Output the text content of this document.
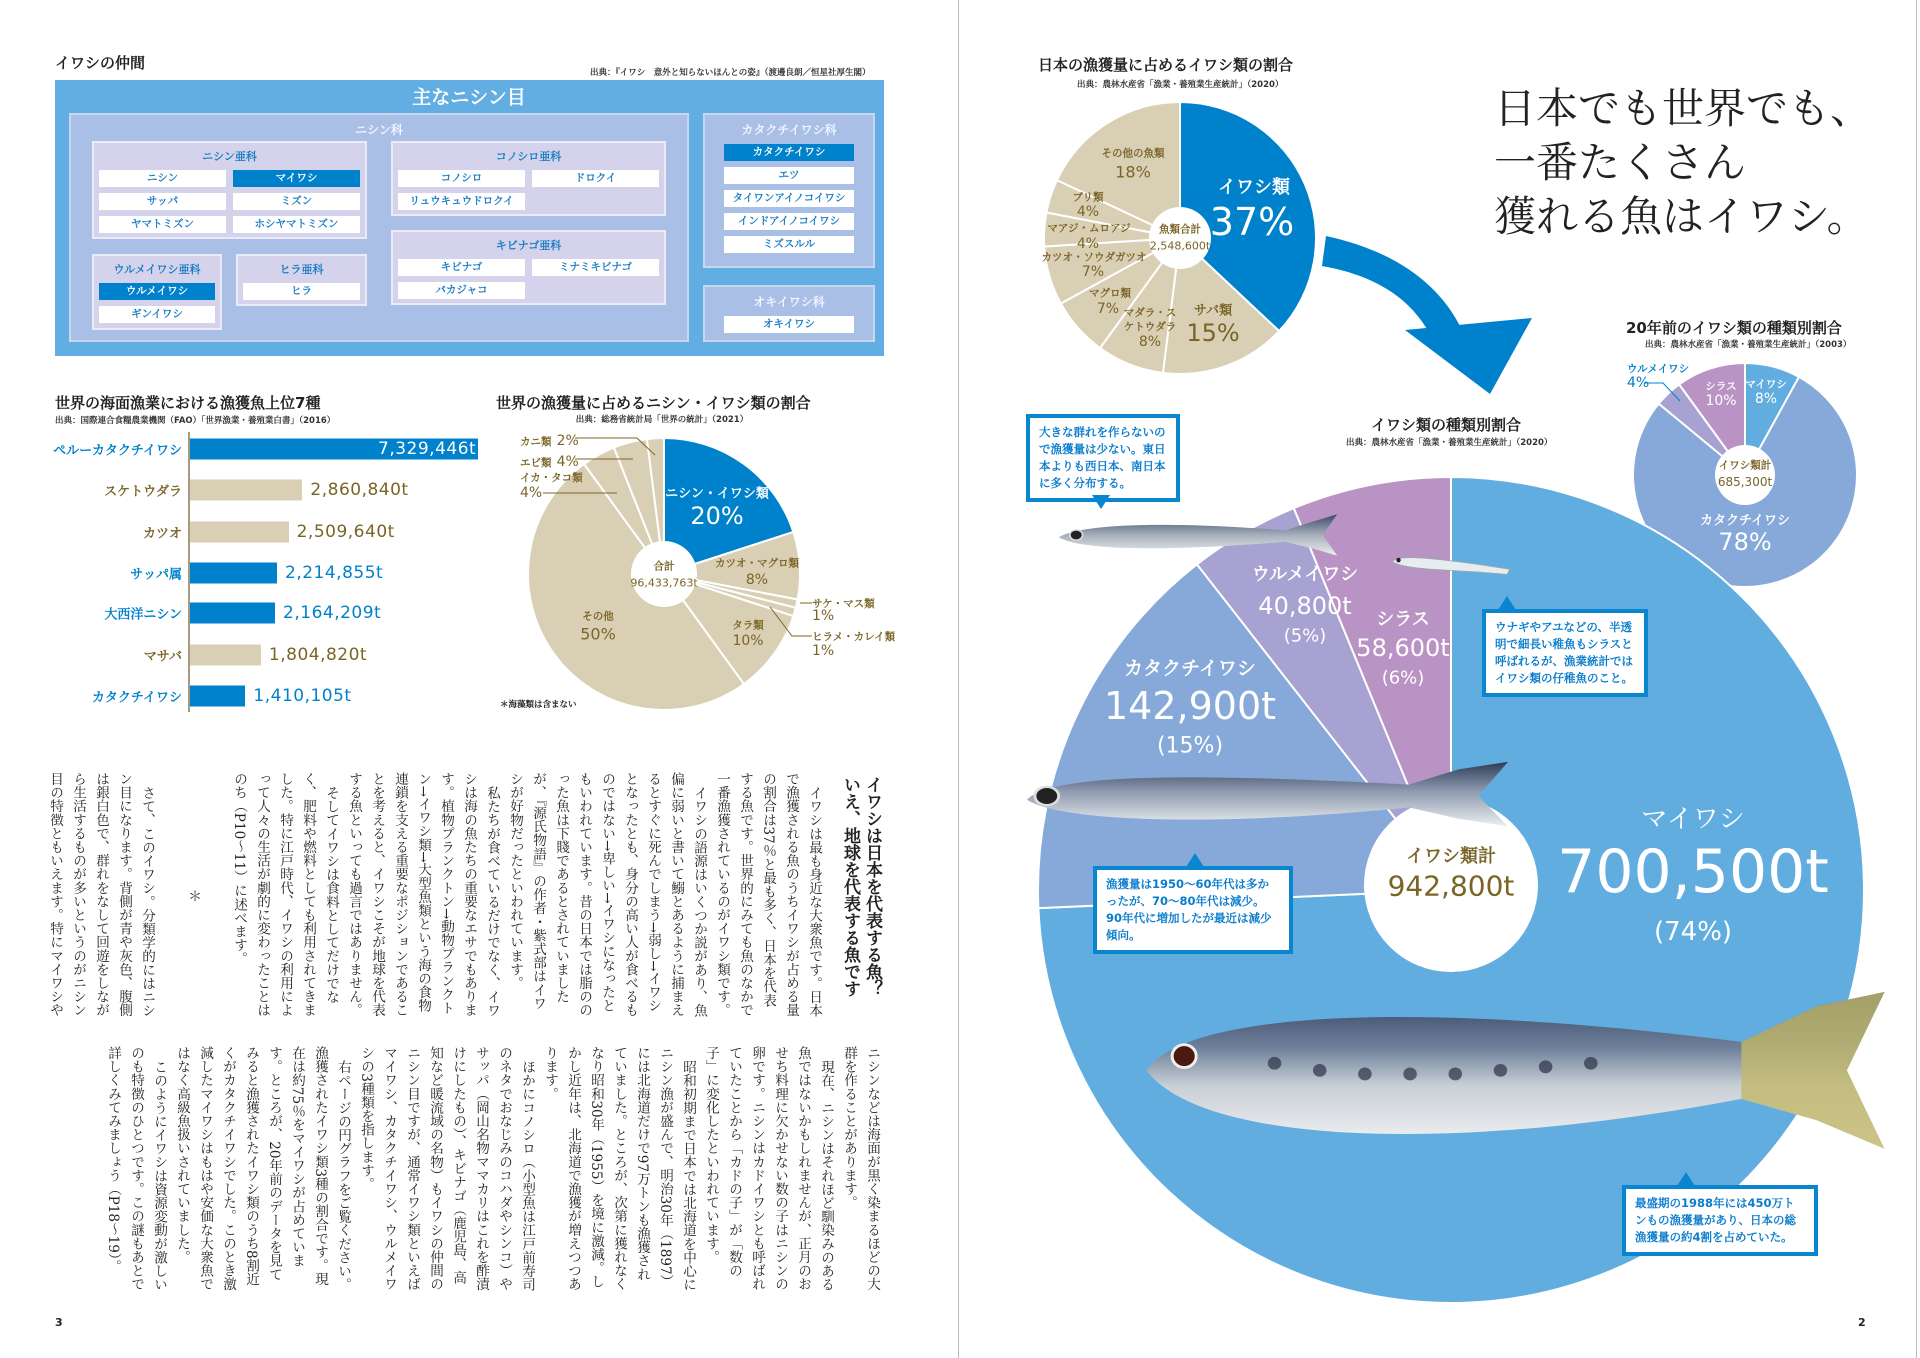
イワシの仲間
出典：『イワシ　意外と知らないほんとの姿』（渡邊良朗／恒星社厚生閣）
主なニシン目
ニシン科
ニシン亜科
ニシン	マイワシ
サッパ	ミズン
ヤマトミズン	ホシヤマトミズン
ウルメイワシ亜科
ウルメイワシ
ギンイワシ
ヒラ亜科
ヒラ
コノシロ亜科
コノシロ	ドロクイ
リュウキュウドロクイ
キビナゴ亜科
キビナゴ	ミナミキビナゴ
バカジャコ
カタクチイワシ科
カタクチイワシ
エツ
タイワンアイノコイワシ
インドアイノコイワシ
ミズスルル
オキイワシ科
オキイワシ
世界の海面漁業における漁獲魚上位7種
出典：国際連合食糧農業機関（FAO）「世界漁業・養殖業白書」（2016）
ペルーカタクチイワシ	7,329,446t
スケトウダラ	2,860,840t
カツオ	2,509,640t
サッパ属	2,214,855t
大西洋ニシン	2,164,209t
マサバ	1,804,820t
カタクチイワシ	1,410,105t
世界の漁獲量に占めるニシン・イワシ類の割合
出典：総務省統計局「世界の統計」（2021）
ニシン・イワシ類
20%
カツオ・マグロ類
8%
サケ・マス類
1%
ヒラメ・カレイ類
1%
タラ類
10%
その他
50%
イカ・タコ類
4%
エビ類 4%
カニ類 2%
合計
96,433,763t
＊海藻類は含まない
イワシは日本を代表する魚？
いえ、地球を代表する魚です

イワシは最も身近な大衆魚です。日本で漁獲される魚のうちイワシが占める量の割合は37％と最も多く、日本を代表する魚です。世界的にみても魚のなかで一番漁獲されているのがイワシ類です。

イワシの語源はいくつか説があり、魚偏に弱いと書いて鰯とあるように捕まえるとすぐに死んでしまう→弱し→イワシとなったとも、身分の高い人が食べるものではない→卑しい→イワシになったともいわれています。昔の日本では脂ののった魚は下賤であるとされていましたが、『源氏物語』の作者・紫式部はイワシが好物だったといわれています。

私たちが食べているだけでなく、イワシは海の魚たちの重要なエサでもあります。植物プランクトン→動物プランクトン→イワシ類→大型魚類という海の食物連鎖を支える重要なポジションであることを考えると、イワシこそが地球を代表する魚といっても過言ではありません。

そしてイワシは食料としてだけでなく、肥料や燃料としても利用されてきました。特に江戸時代、イワシの利用によって人々の生活が劇的に変わったことはのち（P10～11）に述べます。

＊

さて、このイワシ。分類学的にはニシン目になります。背側が青や灰色、腹側は銀白色で、群れをなして回遊をしながら生活するものが多いというのがニシン目の特徴ともいえます。特にマイワシや

ニシンなどは海面が黒く染まるほどの大群を作ることがあります。

現在、ニシンはそれほど馴染みのある魚ではないかもしれませんが、正月のおせち料理に欠かせない数の子はニシンの卵です。ニシンはカドイワシとも呼ばれていたことから「カドの子」が「数の子」に変化したといわれています。

昭和初期まで日本では北海道を中心にニシン漁が盛んで、明治30年（1897）には北海道だけで97万トンも漁獲されていました。ところが、次第に獲れなくなり昭和30年（1955）を境に激減。しかし近年は、北海道で漁獲が増えつつあります。

ほかにコノシロ（小型魚は江戸前寿司のネタでおなじみのコハダやシンコ）やサッパ（岡山名物ママカリはこれを酢漬けにしたもの）、キビナゴ（鹿児島、高知など暖流域の名物）もイワシの仲間のニシン目ですが、通常イワシ類といえばマイワシ、カタクチイワシ、ウルメイワシの3種類を指します。

右ページの円グラフをご覧ください。漁獲されたイワシ類3種の割合です。現在は約75％をマイワシが占めています。ところが、20年前のデータを見てみると漁獲されたイワシ類のうち8割近くがカタクチイワシでした。このとき激減したマイワシはもはや安価な大衆魚ではなく高級魚扱いされていました。

このようにイワシは資源変動が激しいのも特徴のひとつです。この謎もあとで詳しくみてみましょう（P18～19）。

3
日本の漁獲量に占めるイワシ類の割合
出典：農林水産省「漁業・養殖業生産統計」（2020）
イワシ類
37%
サバ類
15%
マダラ・スケトウダラ
8%
マグロ類
7%
カツオ・ソウダガツオ
7%
マアジ・ムロアジ
4%
ブリ類
4%
その他の魚類
18%
魚類合計
2,548,600t
日本でも世界でも、
一番たくさん
獲れる魚はイワシ。
20年前のイワシ類の種類別割合
出典：農林水産省「漁業・養殖業生産統計」（2003）
マイワシ
8%
カタクチイワシ
78%
ウルメイワシ
4%	シラス
10%
イワシ類計
685,300t
イワシ類の種類別割合
出典：農林水産省「漁業・養殖業生産統計」（2020）
マイワシ
700,500t
(74%)
カタクチイワシ
142,900t
(15%)
ウルメイワシ
40,800t
(5%)
シラス
58,600t
(6%)
イワシ類計
942,800t
大きな群れを作らないので漁獲量は少ない。東日本よりも西日本、南日本に多く分布する。
ウナギやアユなどの、半透明で細長い稚魚もシラスと呼ばれるが、漁業統計ではイワシ類の仔稚魚のこと。
漁獲量は1950～60年代は多かったが、70～80年代は減少。90年代に増加したが最近は減少傾向。
最盛期の1988年には450万トンもの漁獲量があり、日本の総漁獲量の約4割を占めていた。
2
